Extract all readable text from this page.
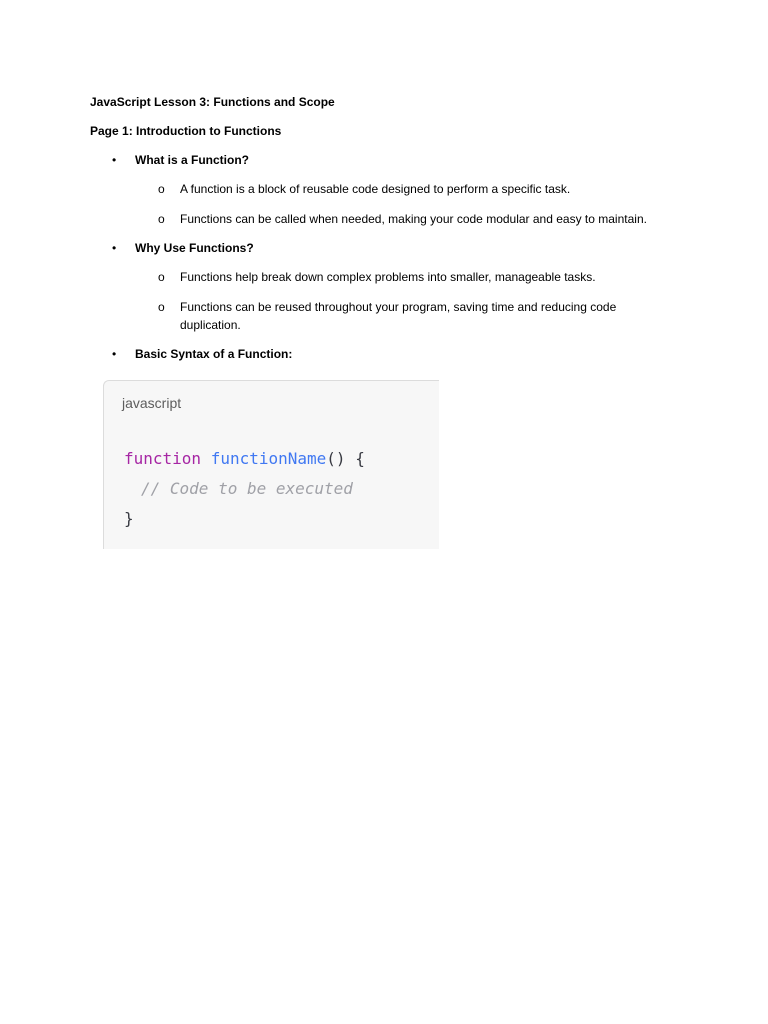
JavaScript Lesson 3: Functions and Scope
Page 1: Introduction to Functions
•	What is a Function?
o	A function is a block of reusable code designed to perform a specific task.
o	Functions can be called when needed, making your code modular and easy to maintain.
•	Why Use Functions?
o	Functions help break down complex problems into smaller, manageable tasks.
o	Functions can be reused throughout your program, saving time and reducing code duplication.
•	Basic Syntax of a Function:
javascript
function functionName() {
// Code to be executed
}
